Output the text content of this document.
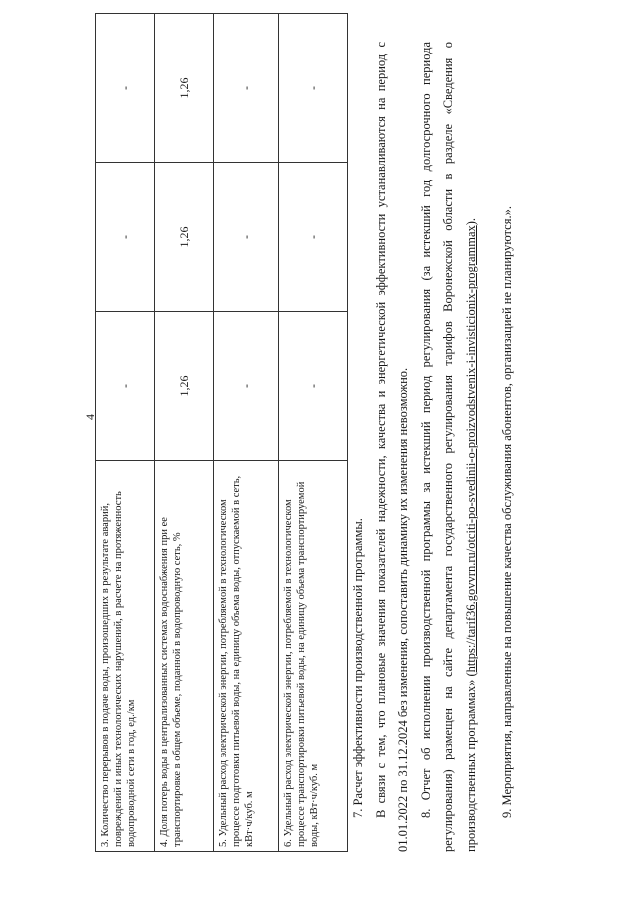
4
3. Количество перерывов в подаче воды, произошедших в результате аварий, повреждений и иных технологических нарушений, в расчете на протяженность водопроводной сети в год, ед./км	-	-	-
4. Доля потерь воды в централизованных системах водоснабжения при ее транспортировке в общем объеме, поданной в водопроводную сеть, %	1,26	1,26	1,26
5. Удельный расход электрической энергии, потребляемой в технологическом процессе подготовки питьевой воды, на единицу объема воды, отпускаемой в сеть, кВт·ч/куб. м	-	-	-
6. Удельный расход электрической энергии, потребляемой в технологическом процессе транспортировки питьевой воды, на единицу объема транспортируемой воды, кВт·ч/куб. м	-	-	-

7. Расчет эффективности производственной программы. В связи с тем, что плановые значения показателей надежности, качества и энергетической эффективности устанавливаются на период с 01.01.2022 по 31.12.2024 без изменения, сопоставить динамику их изменения невозможно. 8. Отчет об исполнении производственной программы за истекший период регулирования (за истекший год долгосрочного периода регулирования) размещен на сайте департамента государственного регулирования тарифов Воронежской области в разделе «Сведения о производственных программах» (https://tarif36.govvrn.ru/otciti-po-svedinii-o-proizvodstvenix-i-invisticionix-programmax).	9. Мероприятия, направленные на повышение качества обслуживания абонентов, организацией не планируются.».
